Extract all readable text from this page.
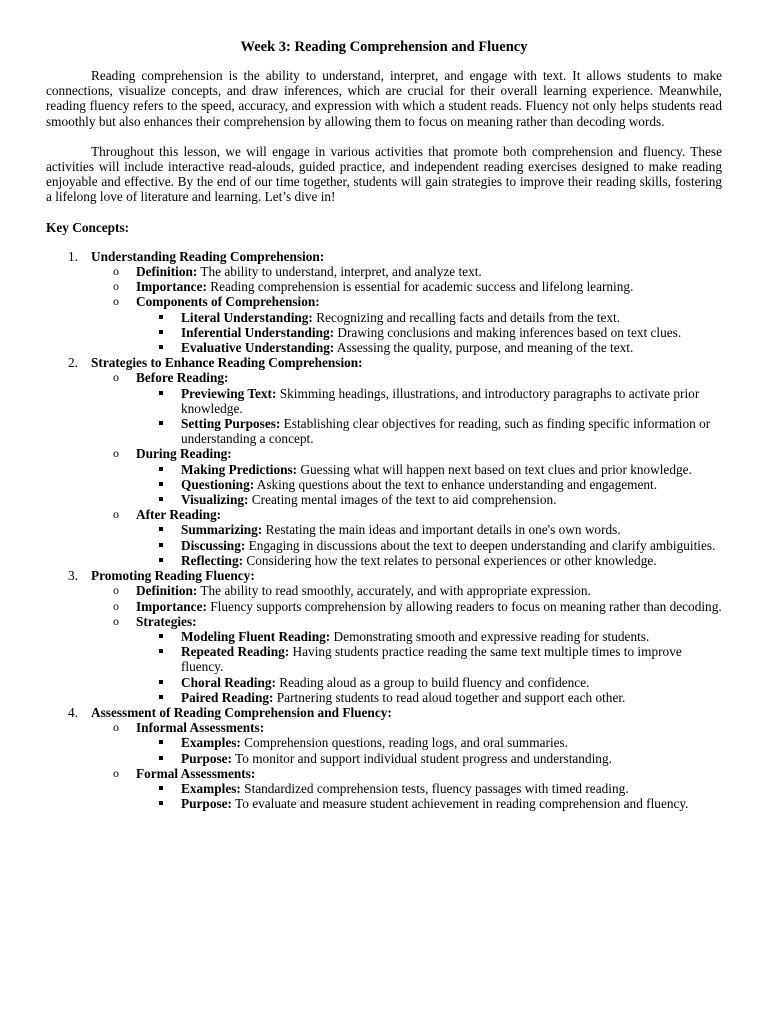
Week 3: Reading Comprehension and Fluency

Reading comprehension is the ability to understand, interpret, and engage with text. It allows students to make connections, visualize concepts, and draw inferences, which are crucial for their overall learning experience. Meanwhile, reading fluency refers to the speed, accuracy, and expression with which a student reads. Fluency not only helps students read smoothly but also enhances their comprehension by allowing them to focus on meaning rather than decoding words.

Throughout this lesson, we will engage in various activities that promote both comprehension and fluency. These activities will include interactive read-alouds, guided practice, and independent reading exercises designed to make reading enjoyable and effective. By the end of our time together, students will gain strategies to improve their reading skills, fostering a lifelong love of literature and learning. Let’s dive in!

Key Concepts:
1. Understanding Reading Comprehension:
o Definition: The ability to understand, interpret, and analyze text.
o Importance: Reading comprehension is essential for academic success and lifelong learning.
o Components of Comprehension:
Literal Understanding: Recognizing and recalling facts and details from the text.
Inferential Understanding: Drawing conclusions and making inferences based on text clues.
Evaluative Understanding: Assessing the quality, purpose, and meaning of the text.
2. Strategies to Enhance Reading Comprehension:
o Before Reading:
Previewing Text: Skimming headings, illustrations, and introductory paragraphs to activate prior knowledge.
Setting Purposes: Establishing clear objectives for reading, such as finding specific information or understanding a concept.
o During Reading:
Making Predictions: Guessing what will happen next based on text clues and prior knowledge.
Questioning: Asking questions about the text to enhance understanding and engagement.
Visualizing: Creating mental images of the text to aid comprehension.
o After Reading:
Summarizing: Restating the main ideas and important details in one's own words.
Discussing: Engaging in discussions about the text to deepen understanding and clarify ambiguities.
Reflecting: Considering how the text relates to personal experiences or other knowledge.
3. Promoting Reading Fluency:
o Definition: The ability to read smoothly, accurately, and with appropriate expression.
o Importance: Fluency supports comprehension by allowing readers to focus on meaning rather than decoding.
o Strategies:
Modeling Fluent Reading: Demonstrating smooth and expressive reading for students.
Repeated Reading: Having students practice reading the same text multiple times to improve fluency.
Choral Reading: Reading aloud as a group to build fluency and confidence.
Paired Reading: Partnering students to read aloud together and support each other.
4. Assessment of Reading Comprehension and Fluency:
o Informal Assessments:
Examples: Comprehension questions, reading logs, and oral summaries.
Purpose: To monitor and support individual student progress and understanding.
o Formal Assessments:
Examples: Standardized comprehension tests, fluency passages with timed reading.
Purpose: To evaluate and measure student achievement in reading comprehension and fluency.
